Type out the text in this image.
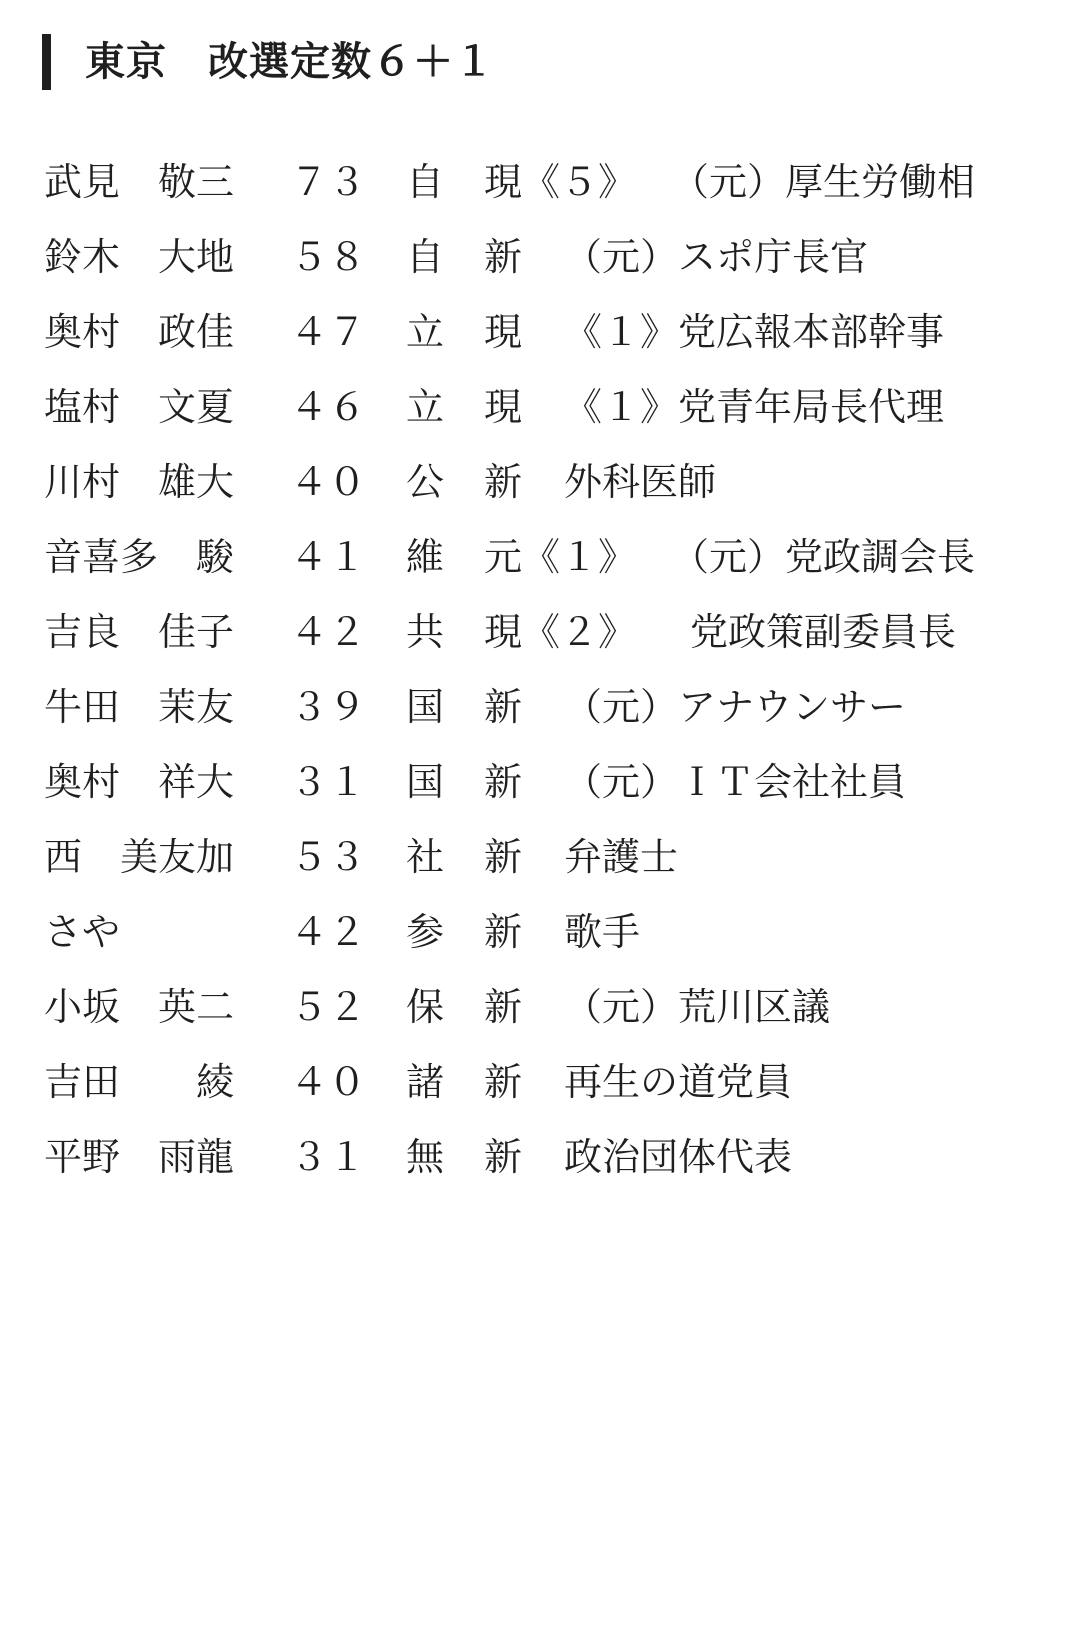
東京　改選定数６＋１

武見　敬三

７３

自

現《５》

　（元）厚生労働相

鈴木　大地

５８

自

新

（元）スポ庁長官

奥村　政佳

４７

立

現

《１》党広報本部幹事

塩村　文夏

４６

立

現

《１》党青年局長代理

川村　雄大

４０

公

新

外科医師

音喜多　駿

４１

維

元《１》

　（元）党政調会長

吉良　佳子

４２

共

現《２》

　党政策副委員長

牛田　茉友

３９

国

新

（元）アナウンサー

奥村　祥大

３１

国

新

（元）ＩＴ会社社員

西　美友加

５３

社

新

弁護士

さや

	４２

参

新

歌手

小坂　英二

５２

保

新

（元）荒川区議

吉田　　綾

４０

諸

新

再生の道党員

平野　雨龍

３１

無

新

政治団体代表
